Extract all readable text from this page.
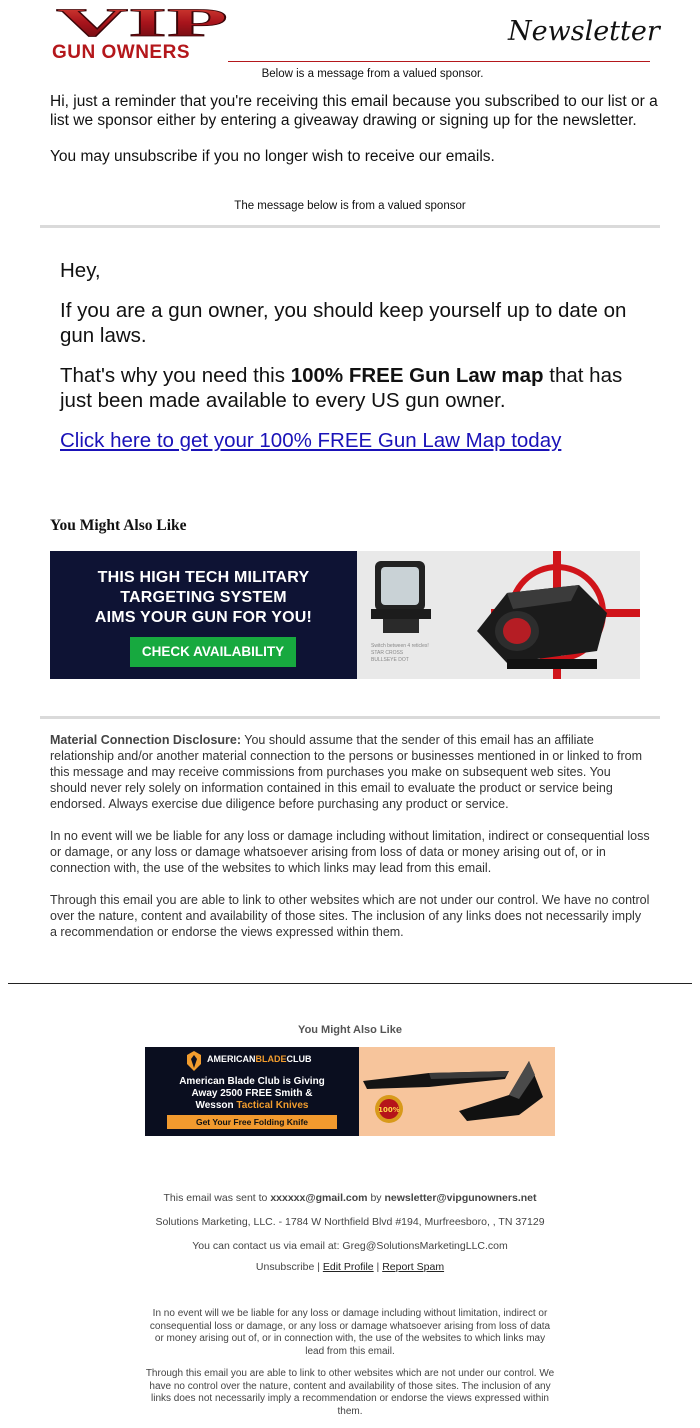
VIP
GUN OWNERS
Newsletter
Below is a message from a valued sponsor.

Hi, just a reminder that you're receiving this email because you subscribed to our list or a list we sponsor either by entering a giveaway drawing or signing up for the newsletter.

You may unsubscribe if you no longer wish to receive our emails.

The message below is from a valued sponsor

Hey,

If you are a gun owner, you should keep yourself up to date on gun laws.

That's why you need this 100% FREE Gun Law map that has just been made available to every US gun owner.

Click here to get your 100% FREE Gun Law Map today

You Might Also Like
THIS HIGH TECH MILITARY
TARGETING SYSTEM
AIMS YOUR GUN FOR YOU!
CHECK AVAILABILITY	Switch between 4 reticles!
STAR CROSS
BULLSEYE DOT

Material Connection Disclosure: You should assume that the sender of this email has an affiliate relationship and/or another material connection to the persons or businesses mentioned in or linked to from this message and may receive commissions from purchases you make on subsequent web sites. You should never rely solely on information contained in this email to evaluate the product or service being endorsed. Always exercise due diligence before purchasing any product or service.

In no event will we be liable for any loss or damage including without limitation, indirect or consequential loss or damage, or any loss or damage whatsoever arising from loss of data or money arising out of, or in connection with, the use of the websites to which links may lead from this email.

Through this email you are able to link to other websites which are not under our control. We have no control over the nature, content and availability of those sites. The inclusion of any links does not necessarily imply a recommendation or endorse the views expressed within them.

You Might Also Like
AMERICANBLADECLUB
American Blade Club is Giving
Away 2500 FREE Smith &
Wesson Tactical Knives
Get Your Free Folding Knife
100%
This email was sent to xxxxxx@gmail.com by newsletter@vipgunowners.net
Solutions Marketing, LLC. - 1784 W Northfield Blvd #194, Murfreesboro, , TN 37129
You can contact us via email at: Greg@SolutionsMarketingLLC.com
Unsubscribe | Edit Profile | Report Spam

In no event will we be liable for any loss or damage including without limitation, indirect or consequential loss or damage, or any loss or damage whatsoever arising from loss of data or money arising out of, or in connection with, the use of the websites to which links may lead from this email.

Through this email you are able to link to other websites which are not under our control. We have no control over the nature, content and availability of those sites. The inclusion of any links does not necessarily imply a recommendation or endorse the views expressed within them.
